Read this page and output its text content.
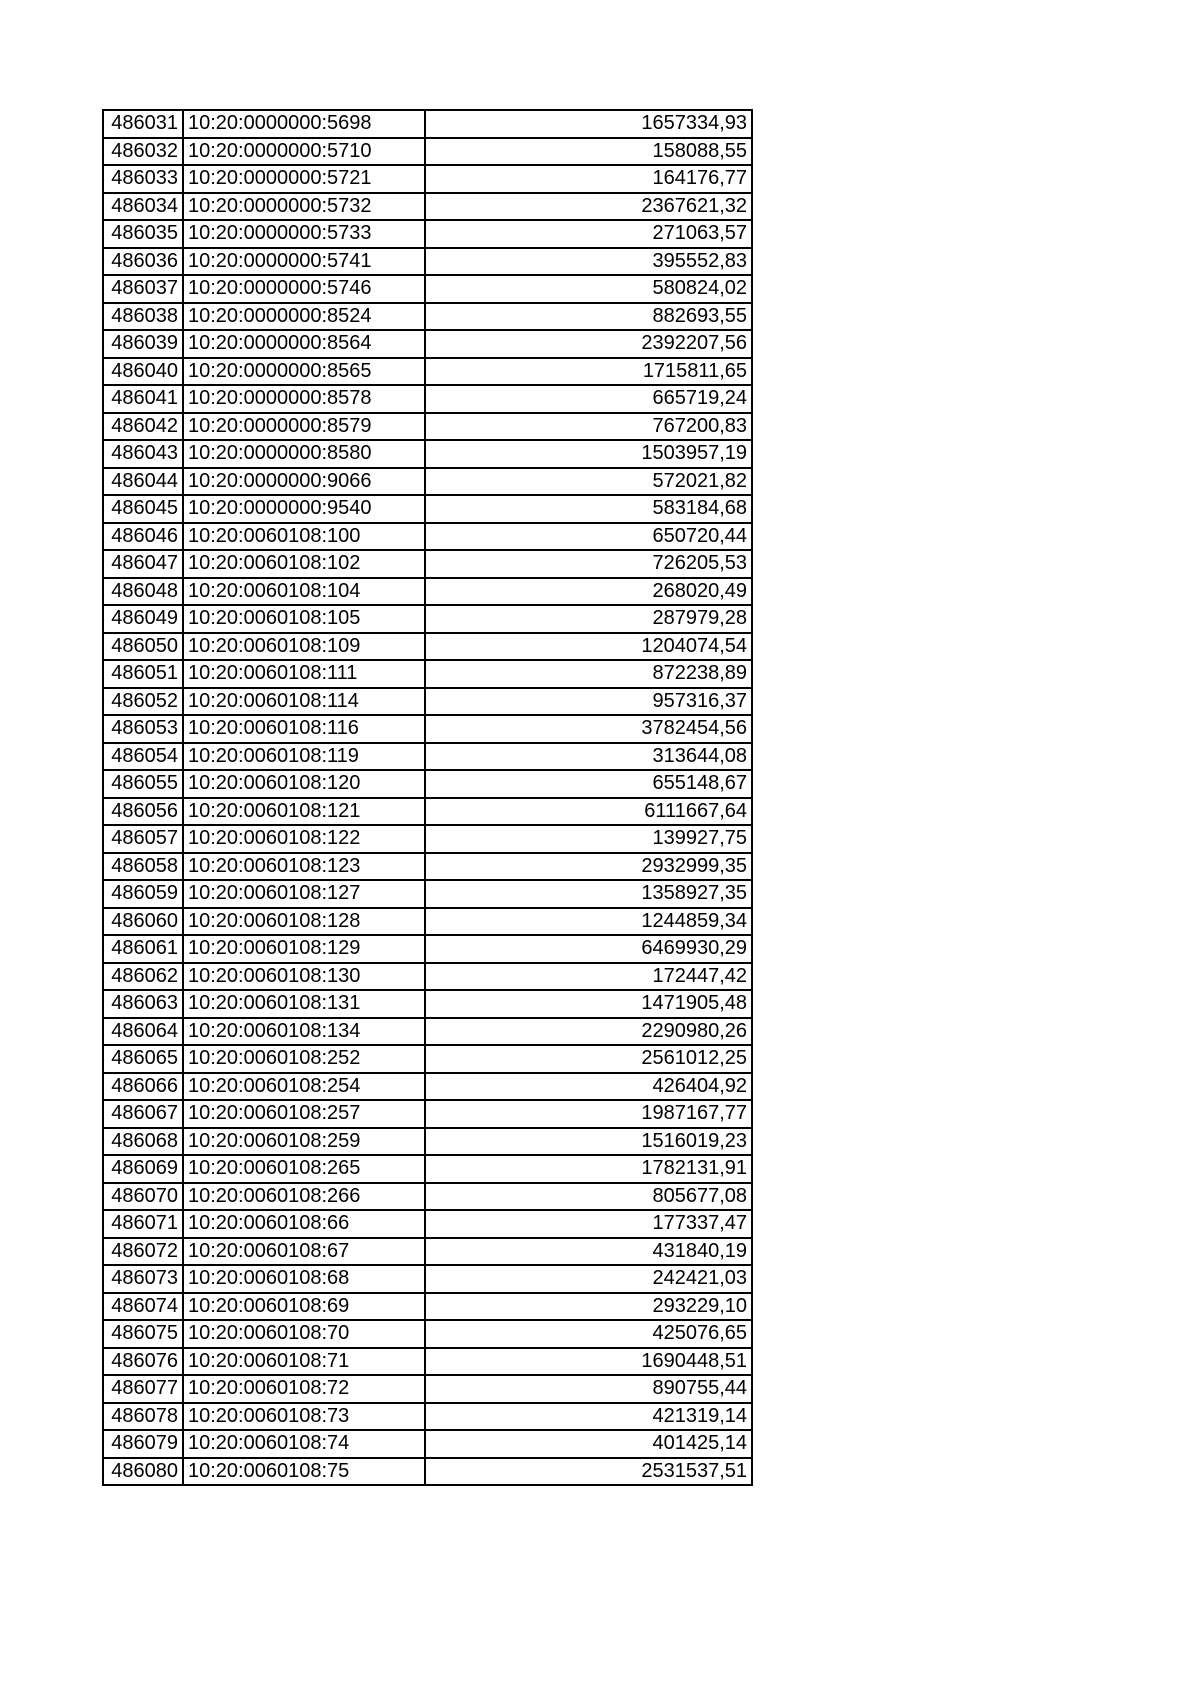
486031	10:20:0000000:5698	1657334,93
486032	10:20:0000000:5710	158088,55
486033	10:20:0000000:5721	164176,77
486034	10:20:0000000:5732	2367621,32
486035	10:20:0000000:5733	271063,57
486036	10:20:0000000:5741	395552,83
486037	10:20:0000000:5746	580824,02
486038	10:20:0000000:8524	882693,55
486039	10:20:0000000:8564	2392207,56
486040	10:20:0000000:8565	1715811,65
486041	10:20:0000000:8578	665719,24
486042	10:20:0000000:8579	767200,83
486043	10:20:0000000:8580	1503957,19
486044	10:20:0000000:9066	572021,82
486045	10:20:0000000:9540	583184,68
486046	10:20:0060108:100	650720,44
486047	10:20:0060108:102	726205,53
486048	10:20:0060108:104	268020,49
486049	10:20:0060108:105	287979,28
486050	10:20:0060108:109	1204074,54
486051	10:20:0060108:111	872238,89
486052	10:20:0060108:114	957316,37
486053	10:20:0060108:116	3782454,56
486054	10:20:0060108:119	313644,08
486055	10:20:0060108:120	655148,67
486056	10:20:0060108:121	6111667,64
486057	10:20:0060108:122	139927,75
486058	10:20:0060108:123	2932999,35
486059	10:20:0060108:127	1358927,35
486060	10:20:0060108:128	1244859,34
486061	10:20:0060108:129	6469930,29
486062	10:20:0060108:130	172447,42
486063	10:20:0060108:131	1471905,48
486064	10:20:0060108:134	2290980,26
486065	10:20:0060108:252	2561012,25
486066	10:20:0060108:254	426404,92
486067	10:20:0060108:257	1987167,77
486068	10:20:0060108:259	1516019,23
486069	10:20:0060108:265	1782131,91
486070	10:20:0060108:266	805677,08
486071	10:20:0060108:66	177337,47
486072	10:20:0060108:67	431840,19
486073	10:20:0060108:68	242421,03
486074	10:20:0060108:69	293229,10
486075	10:20:0060108:70	425076,65
486076	10:20:0060108:71	1690448,51
486077	10:20:0060108:72	890755,44
486078	10:20:0060108:73	421319,14
486079	10:20:0060108:74	401425,14
486080	10:20:0060108:75	2531537,51
